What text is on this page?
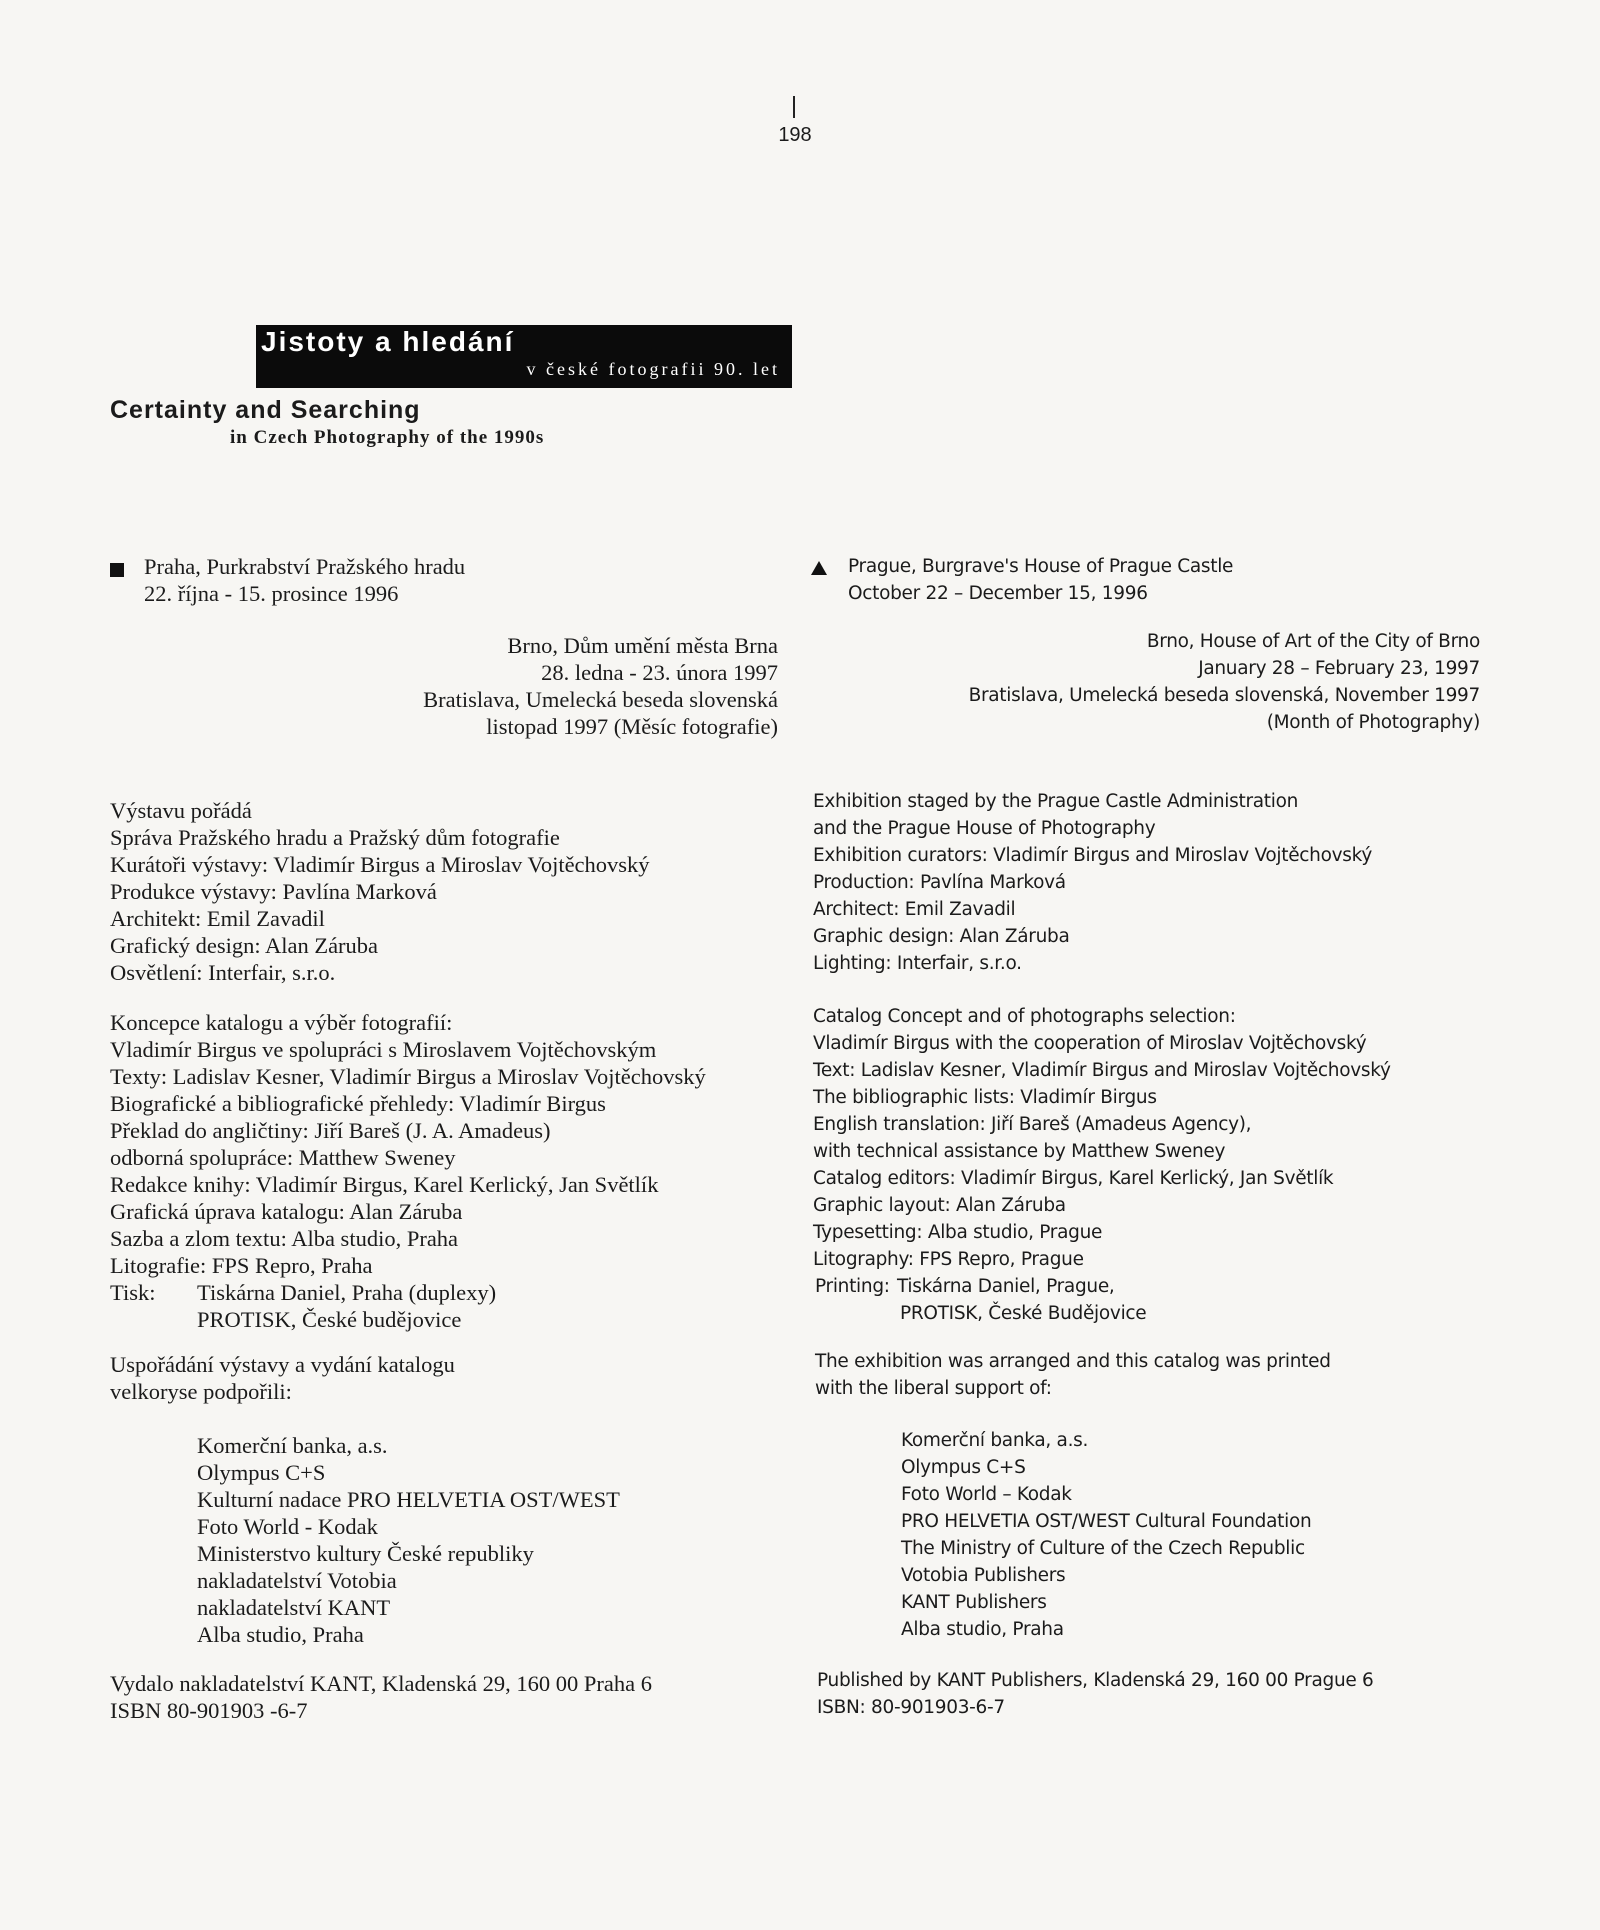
198
Jistoty a hledání
v české fotografii 90. let
Certainty and Searching
in Czech Photography of the 1990s
Praha, Purkrabství Pražského hradu
22. října - 15. prosince 1996
Brno, Dům umění města Brna
28. ledna - 23. února 1997
Bratislava, Umelecká beseda slovenská
listopad 1997 (Měsíc fotografie)
Prague, Burgrave's House of Prague Castle
October 22 – December 15, 1996
Brno, House of Art of the City of Brno
January 28 – February 23, 1997
Bratislava, Umelecká beseda slovenská, November 1997
(Month of Photography)
Výstavu pořádá
Správa Pražského hradu a Pražský dům fotografie
Kurátoři výstavy: Vladimír Birgus a Miroslav Vojtěchovský
Produkce výstavy: Pavlína Marková
Architekt: Emil Zavadil
Grafický design: Alan Záruba
Osvětlení: Interfair, s.r.o.
Exhibition staged by the Prague Castle Administration
and the Prague House of Photography
Exhibition curators: Vladimír Birgus and Miroslav Vojtěchovský
Production: Pavlína Marková
Architect: Emil Zavadil
Graphic design: Alan Záruba
Lighting: Interfair, s.r.o.
Koncepce katalogu a výběr fotografií:
Vladimír Birgus ve spolupráci s Miroslavem Vojtěchovským
Texty: Ladislav Kesner, Vladimír Birgus a Miroslav Vojtěchovský
Biografické a bibliografické přehledy: Vladimír Birgus
Překlad do angličtiny: Jiří Bareš (J. A. Amadeus)
odborná spolupráce: Matthew Sweney
Redakce knihy: Vladimír Birgus, Karel Kerlický, Jan Světlík
Grafická úprava katalogu: Alan Záruba
Sazba a zlom textu: Alba studio, Praha
Litografie: FPS Repro, Praha
Tisk: Tiskárna Daniel, Praha (duplexy)
PROTISK, České budějovice
Catalog Concept and of photographs selection:
Vladimír Birgus with the cooperation of Miroslav Vojtěchovský
Text: Ladislav Kesner, Vladimír Birgus and Miroslav Vojtěchovský
The bibliographic lists: Vladimír Birgus
English translation: Jiří Bareš (Amadeus Agency),
with technical assistance by Matthew Sweney
Catalog editors: Vladimír Birgus, Karel Kerlický, Jan Světlík
Graphic layout: Alan Záruba
Typesetting: Alba studio, Prague
Litography: FPS Repro, Prague
Printing: Tiskárna Daniel, Prague,
PROTISK, České Budějovice
Uspořádání výstavy a vydání katalogu
velkoryse podpořili:
Komerční banka, a.s.
Olympus C+S
Kulturní nadace PRO HELVETIA OST/WEST
Foto World - Kodak
Ministerstvo kultury České republiky
nakladatelství Votobia
nakladatelství KANT
Alba studio, Praha
The exhibition was arranged and this catalog was printed
with the liberal support of:
Komerční banka, a.s.
Olympus C+S
Foto World – Kodak
PRO HELVETIA OST/WEST Cultural Foundation
The Ministry of Culture of the Czech Republic
Votobia Publishers
KANT Publishers
Alba studio, Praha
Vydalo nakladatelství KANT, Kladenská 29, 160 00 Praha 6
ISBN 80-901903 -6-7
Published by KANT Publishers, Kladenská 29, 160 00 Prague 6
ISBN: 80-901903-6-7
